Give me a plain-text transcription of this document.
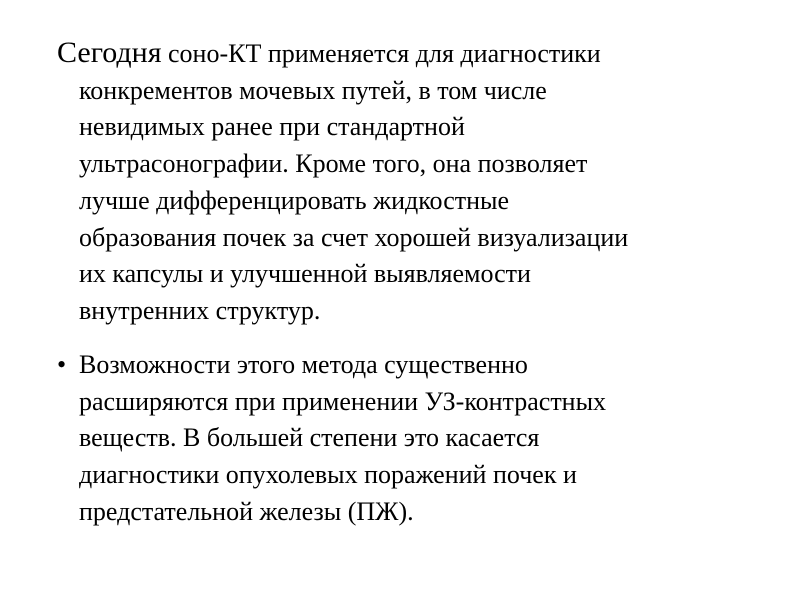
Сегодня соно-КТ применяется для диагностики
конкрементов мочевых путей, в том числе
невидимых ранее при стандартной
ультрасонографии. Кроме того, она позволяет
лучше дифференцировать жидкостные
образования почек за счет хорошей визуализации
их капсулы и улучшенной выявляемости
внутренних структур.
• Возможности этого метода существенно
расширяются при применении УЗ-контрастных
веществ. В большей степени это касается
диагностики опухолевых поражений почек и
предстательной железы (ПЖ).
